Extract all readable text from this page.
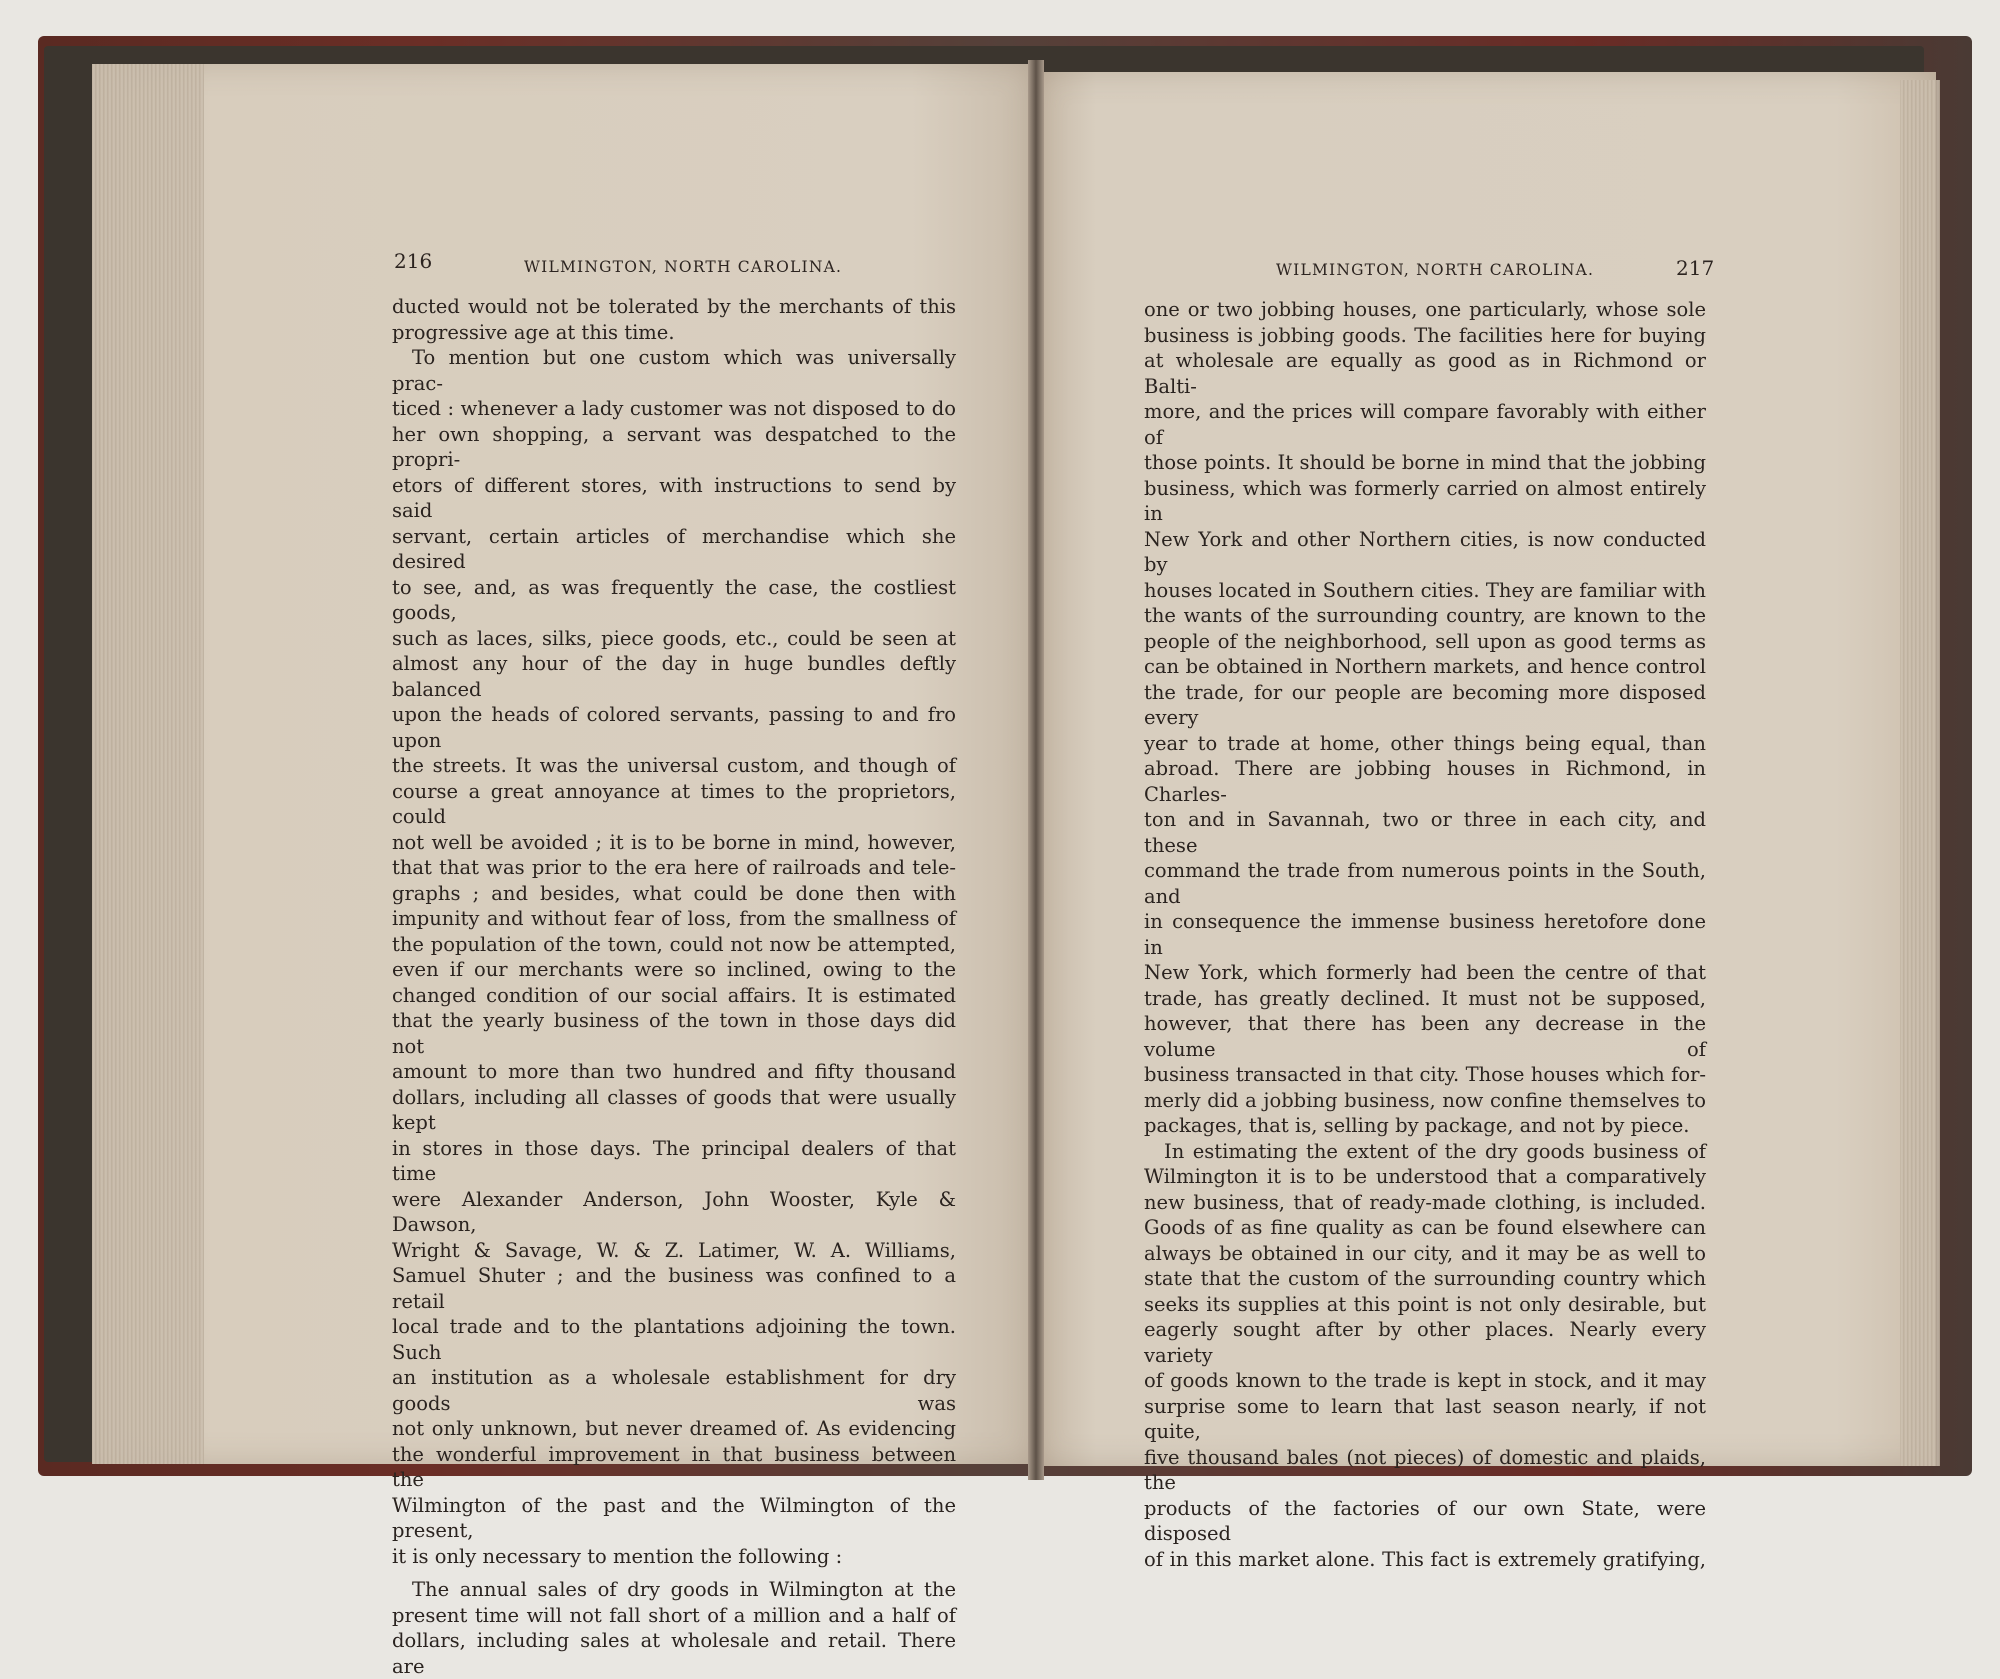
216	WILMINGTON, NORTH CAROLINA.	WILMINGTON, NORTH CAROLINA.	217

ducted would not be tolerated by the merchants of this

progressive age at this time.

To mention but one custom which was universally prac-

ticed : whenever a lady customer was not disposed to do

her own shopping, a servant was despatched to the propri-

etors of different stores, with instructions to send by said

servant, certain articles of merchandise which she desired

to see, and, as was frequently the case, the costliest goods,

such as laces, silks, piece goods, etc., could be seen at

almost any hour of the day in huge bundles deftly balanced

upon the heads of colored servants, passing to and fro upon

the streets. It was the universal custom, and though of

course a great annoyance at times to the proprietors, could

not well be avoided ; it is to be borne in mind, however,

that that was prior to the era here of railroads and tele-

graphs ; and besides, what could be done then with

impunity and without fear of loss, from the smallness of

the population of the town, could not now be attempted,

even if our merchants were so inclined, owing to the

changed condition of our social affairs. It is estimated

that the yearly business of the town in those days did not

amount to more than two hundred and fifty thousand

dollars, including all classes of goods that were usually kept

in stores in those days. The principal dealers of that time

were Alexander Anderson, John Wooster, Kyle & Dawson,

Wright & Savage, W. & Z. Latimer, W. A. Williams,

Samuel Shuter ; and the business was confined to a retail

local trade and to the plantations adjoining the town. Such

an institution as a wholesale establishment for dry goods was

not only unknown, but never dreamed of. As evidencing

the wonderful improvement in that business between the

Wilmington of the past and the Wilmington of the present,

it is only necessary to mention the following :

The annual sales of dry goods in Wilmington at the

present time will not fall short of a million and a half of

dollars, including sales at wholesale and retail. There are

one or two jobbing houses, one particularly, whose sole

business is jobbing goods. The facilities here for buying

at wholesale are equally as good as in Richmond or Balti-

more, and the prices will compare favorably with either of

those points. It should be borne in mind that the jobbing

business, which was formerly carried on almost entirely in

New York and other Northern cities, is now conducted by

houses located in Southern cities. They are familiar with

the wants of the surrounding country, are known to the

people of the neighborhood, sell upon as good terms as

can be obtained in Northern markets, and hence control

the trade, for our people are becoming more disposed every

year to trade at home, other things being equal, than

abroad. There are jobbing houses in Richmond, in Charles-

ton and in Savannah, two or three in each city, and these

command the trade from numerous points in the South, and

in consequence the immense business heretofore done in

New York, which formerly had been the centre of that

trade, has greatly declined. It must not be supposed,

however, that there has been any decrease in the volume of

business transacted in that city. Those houses which for-

merly did a jobbing business, now confine themselves to

packages, that is, selling by package, and not by piece.

In estimating the extent of the dry goods business of

Wilmington it is to be understood that a comparatively

new business, that of ready-made clothing, is included.

Goods of as fine quality as can be found elsewhere can

always be obtained in our city, and it may be as well to

state that the custom of the surrounding country which

seeks its supplies at this point is not only desirable, but

eagerly sought after by other places. Nearly every variety

of goods known to the trade is kept in stock, and it may

surprise some to learn that last season nearly, if not quite,

five thousand bales (not pieces) of domestic and plaids, the

products of the factories of our own State, were disposed

of in this market alone. This fact is extremely gratifying,
